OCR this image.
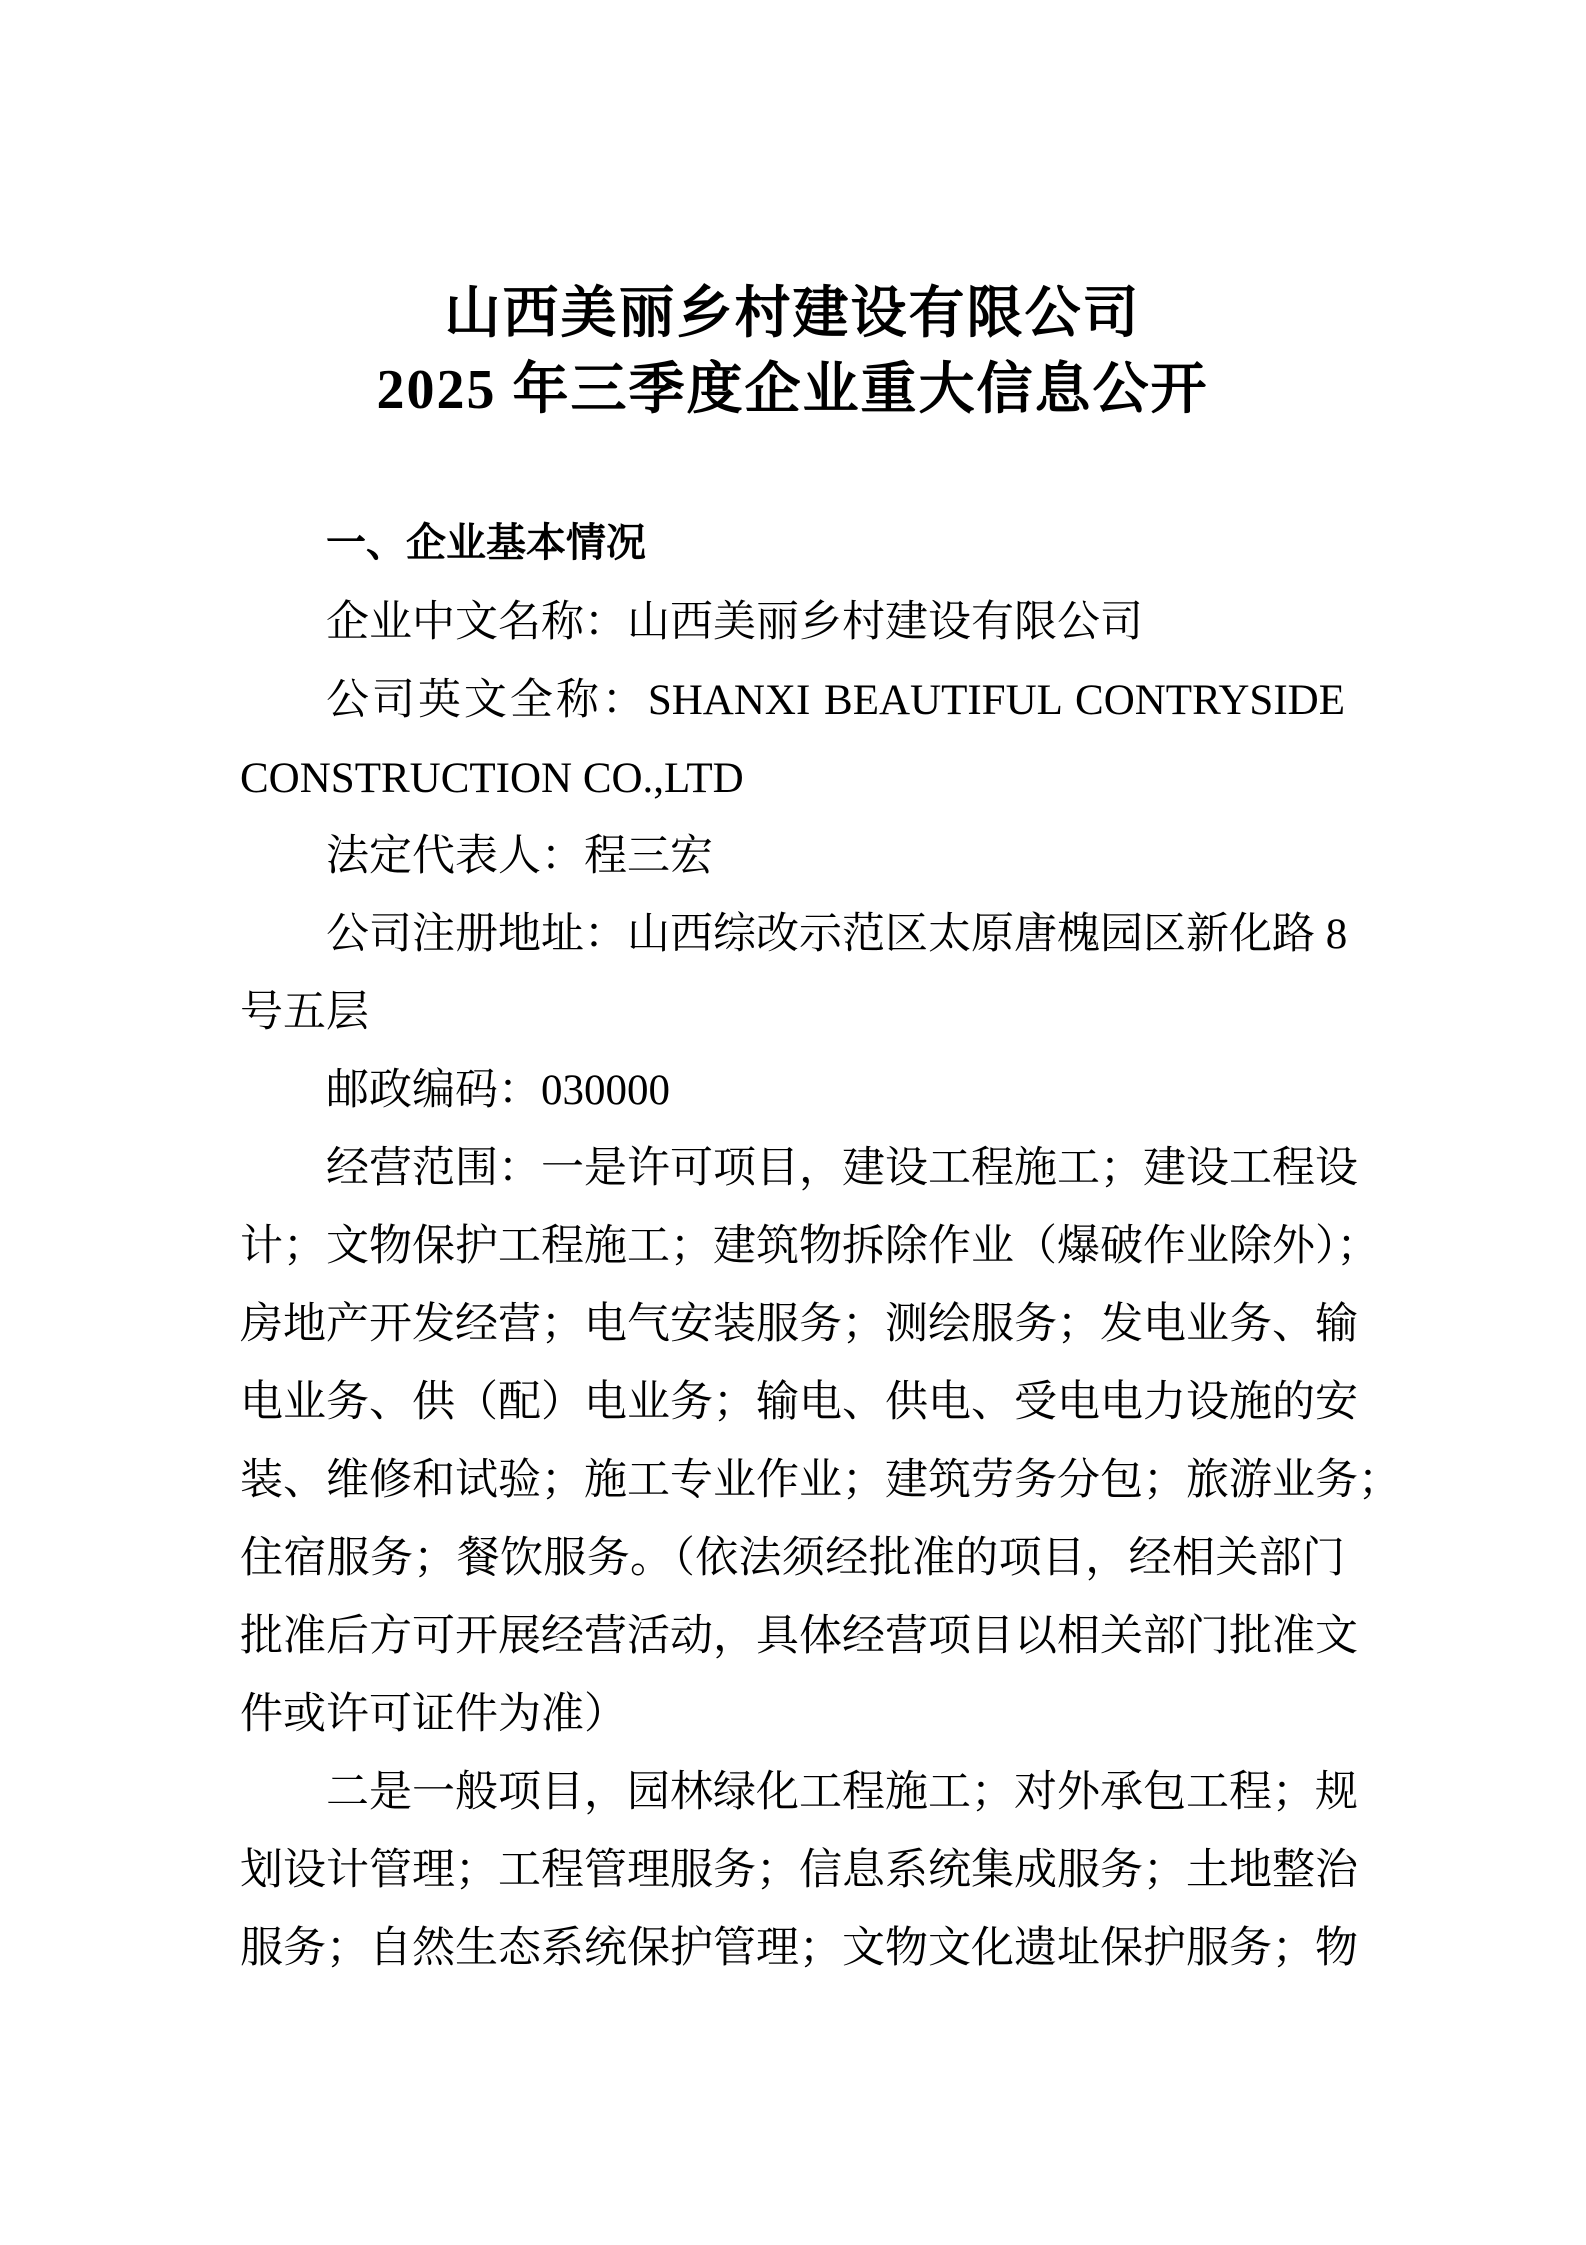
山西美丽乡村建设有限公司
2025 年三季度企业重大信息公开
一、企业基本情况
企业中文名称：山西美丽乡村建设有限公司
公司英文全称：SHANXI BEAUTIFUL CONTRYSIDE
CONSTRUCTION CO.,LTD
法定代表人：程三宏
公司注册地址：山西综改示范区太原唐槐园区新化路 8
号五层
邮政编码：030000
经营范围：一是许可项目，建设工程施工；建设工程设
计；文物保护工程施工；建筑物拆除作业（爆破作业除外）；
房地产开发经营；电气安装服务；测绘服务；发电业务、输
电业务、供（配）电业务；输电、供电、受电电力设施的安
装、维修和试验；施工专业作业；建筑劳务分包；旅游业务；
住宿服务；餐饮服务。（依法须经批准的项目，经相关部门
批准后方可开展经营活动，具体经营项目以相关部门批准文
件或许可证件为准）
二是一般项目，园林绿化工程施工；对外承包工程；规
划设计管理；工程管理服务；信息系统集成服务；土地整治
服务；自然生态系统保护管理；文物文化遗址保护服务；物
